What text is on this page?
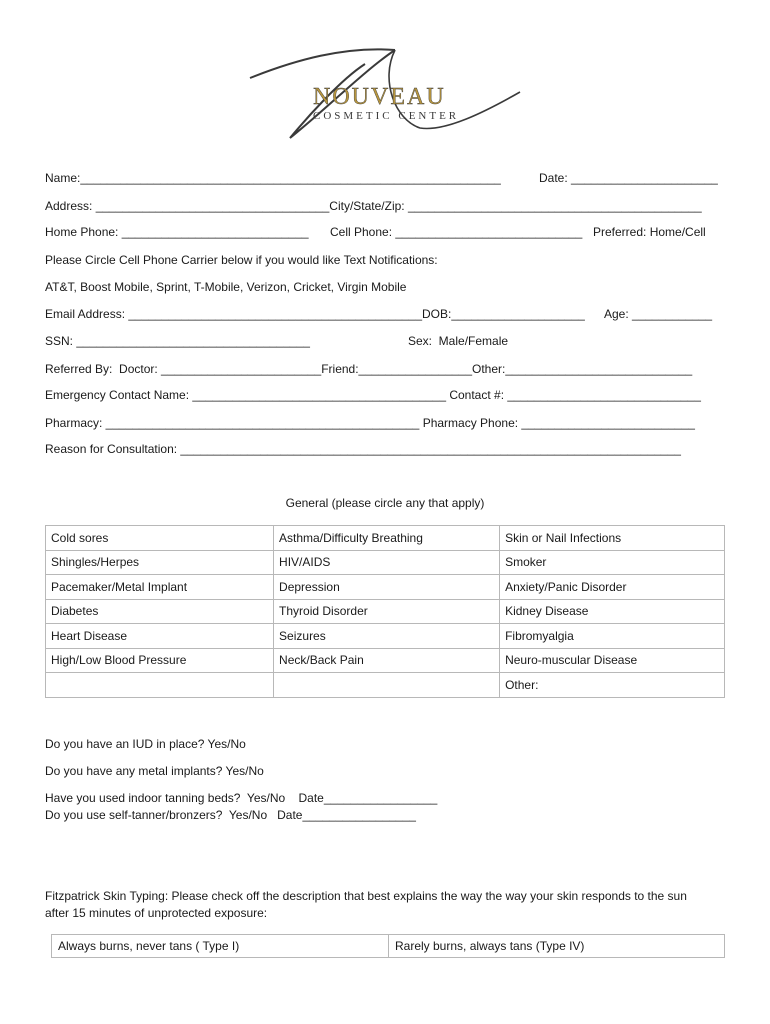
NOUVEAU
COSMETIC CENTER
Name:_______________________________________________________________	Date: ______________________
Address: ___________________________________City/State/Zip: ____________________________________________
Home Phone: ____________________________ Cell Phone: ____________________________ Preferred: Home/Cell
Please Circle Cell Phone Carrier below if you would like Text Notifications:
AT&T, Boost Mobile, Sprint, T-Mobile, Verizon, Cricket, Virgin Mobile
Email Address: ____________________________________________DOB:____________________ Age: ____________
SSN: ___________________________________	Sex:  Male/Female
Referred By:  Doctor: ________________________Friend:_________________Other:____________________________
Emergency Contact Name: ______________________________________ Contact #: _____________________________
Pharmacy: _______________________________________________ Pharmacy Phone: __________________________
Reason for Consultation: ___________________________________________________________________________
General (please circle any that apply)
Cold sores	Asthma/Difficulty Breathing	Skin or Nail Infections
Shingles/Herpes	HIV/AIDS	Smoker
Pacemaker/Metal Implant	Depression	Anxiety/Panic Disorder
Diabetes	Thyroid Disorder	Kidney Disease
Heart Disease	Seizures	Fibromyalgia
High/Low Blood Pressure	Neck/Back Pain	Neuro-muscular Disease
		Other:
Do you have an IUD in place? Yes/No
Do you have any metal implants? Yes/No
Have you used indoor tanning beds?  Yes/No    Date_________________
Do you use self-tanner/bronzers?  Yes/No   Date_________________
Fitzpatrick Skin Typing: Please check off the description that best explains the way the way your skin responds to the sun
after 15 minutes of unprotected exposure:
Always burns, never tans ( Type I)	Rarely burns, always tans (Type IV)
